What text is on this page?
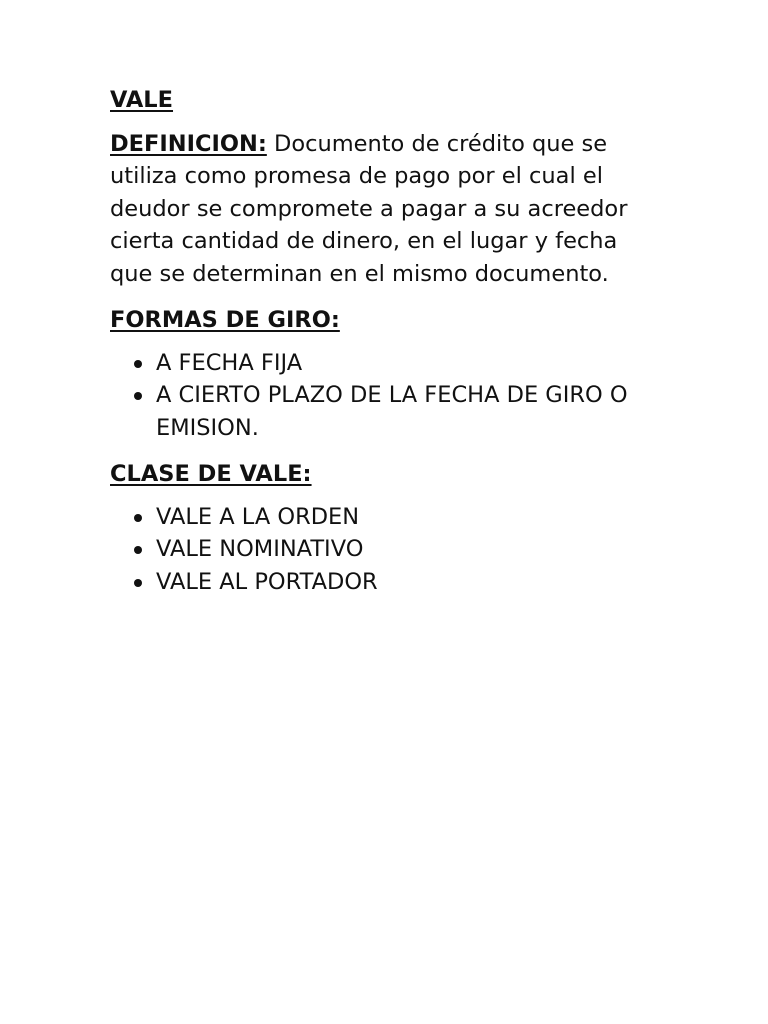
VALE

DEFINICION: Documento de crédito que se utiliza como promesa de pago por el cual el deudor se compromete a pagar a su acreedor cierta cantidad de dinero, en el lugar y fecha que se determinan en el mismo documento.

FORMAS DE GIRO:

A FECHA FIJA
A CIERTO PLAZO DE LA FECHA DE GIRO O EMISION.

CLASE DE VALE:

VALE A LA ORDEN
VALE NOMINATIVO
VALE AL PORTADOR
